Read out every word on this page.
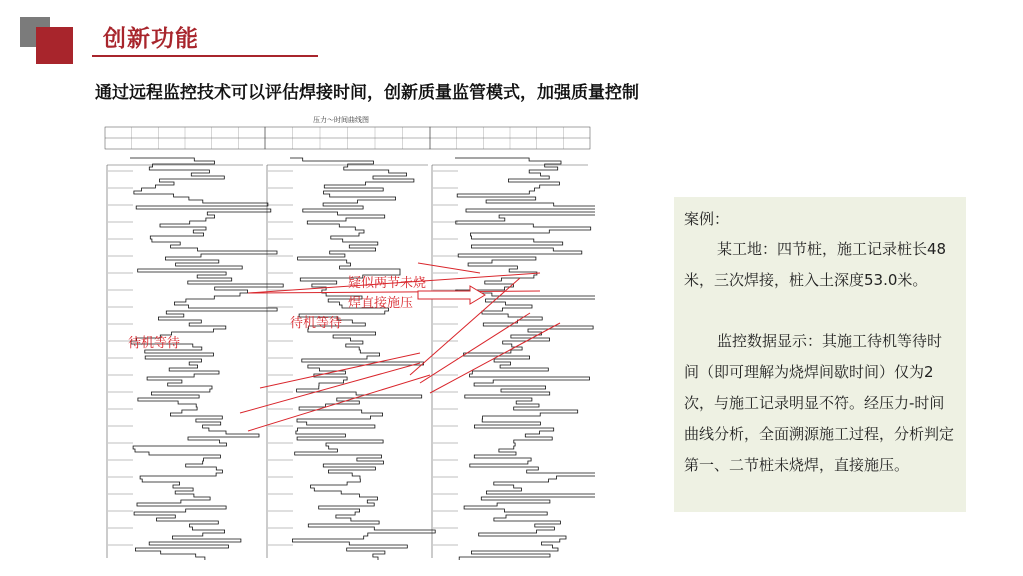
创新功能
通过远程监控技术可以评估焊接时间，创新质量监管模式，加强质量控制
压力～时间曲线图
待机等待
待机等待
疑似两节未烧焊直接施压
案例：

某工地：四节桩，施工记录桩长48米，三次焊接，桩入土深度53.0米。

监控数据显示：其施工待机等待时间（即可理解为烧焊间歇时间）仅为2次，与施工记录明显不符。经压力-时间曲线分析，全面溯源施工过程，分析判定第一、二节桩未烧焊，直接施压。
